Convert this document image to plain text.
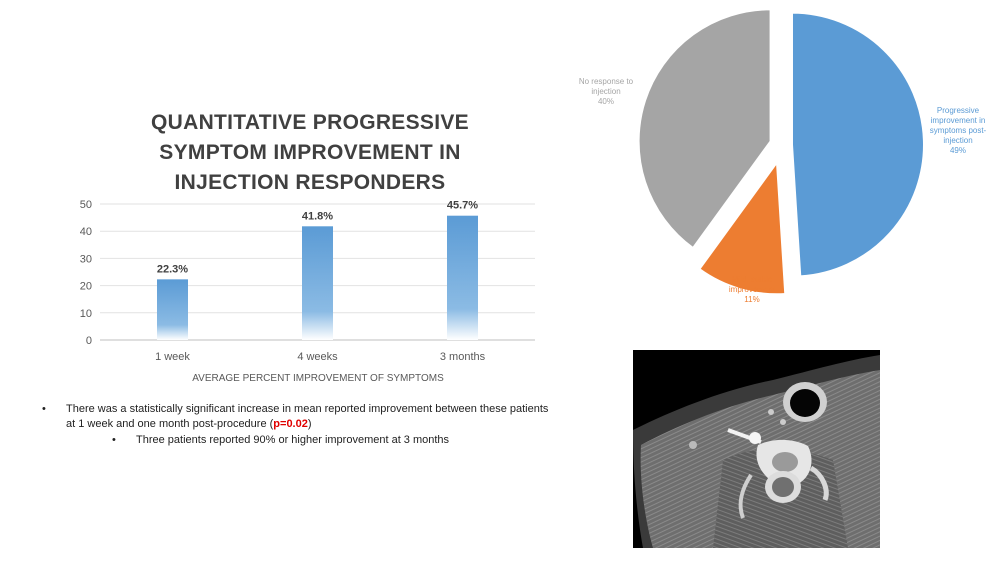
QUANTITATIVE PROGRESSIVE SYMPTOM IMPROVEMENT IN INJECTION RESPONDERS
0
10
20
30
40
50
22.3%
41.8%
45.7%
1 week	4 weeks	3 months
AVERAGE PERCENT IMPROVEMENT OF SYMPTOMS
Progressive improvement in symptoms post-injection 49%
Mild, stable improvement 11%
No response to injection 40%
• There was a statistically significant increase in mean reported improvement between these patients at 1 week and one month post-procedure (p=0.02)
• Three patients reported 90% or higher improvement at 3 months
